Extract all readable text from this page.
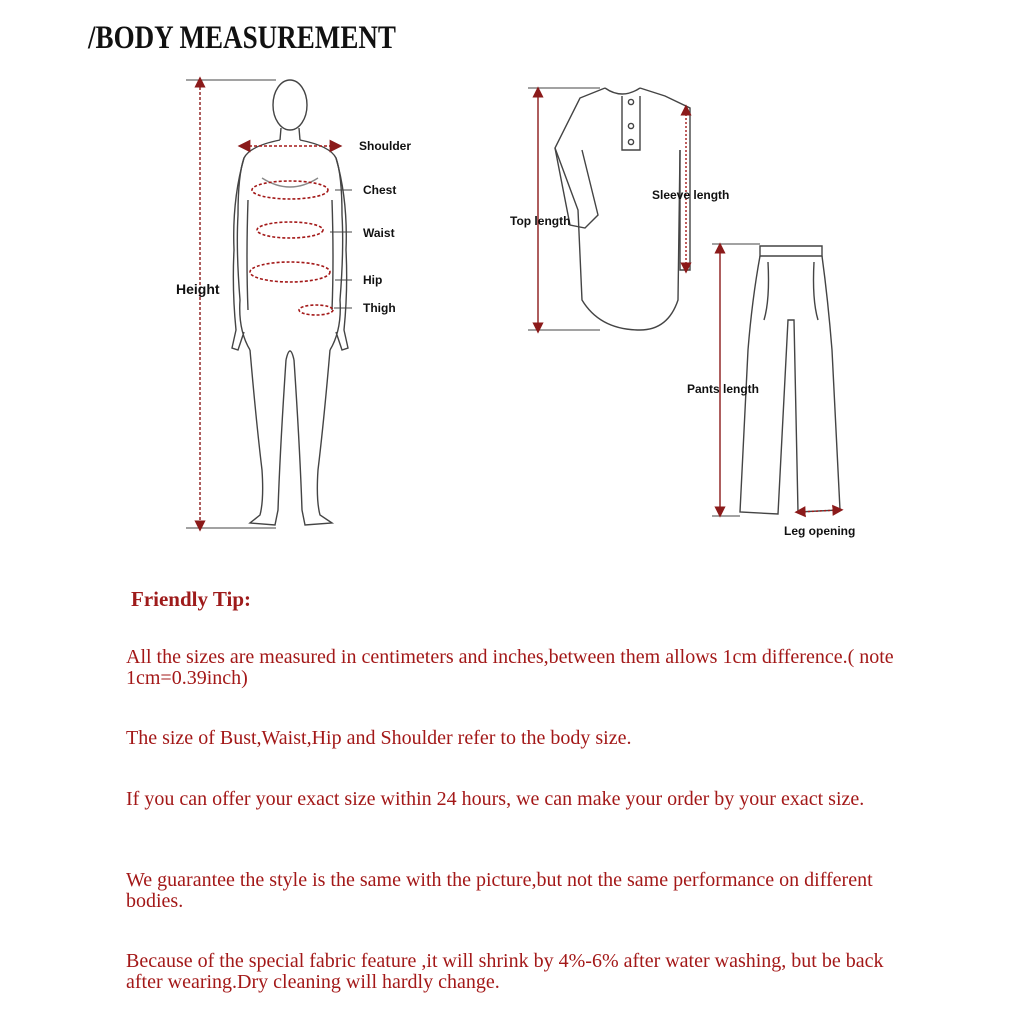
/BODY MEASUREMENT
Shoulder
Chest
Waist
Hip
Thigh
Height
Top length
Sleeve length
Pants length
Leg opening
Friendly Tip:
All the sizes are measured in centimeters and inches,between them allows 1cm difference.( note 1cm=0.39inch)
The size of Bust,Waist,Hip and Shoulder refer to the body size.
If you can offer your exact size within 24 hours, we can make your order by your exact size.
We guarantee the style is the same with the picture,but not the same performance on different bodies.
Because of the special fabric feature ,it will shrink by 4%-6% after water washing, but be back after wearing.Dry cleaning will hardly change.
